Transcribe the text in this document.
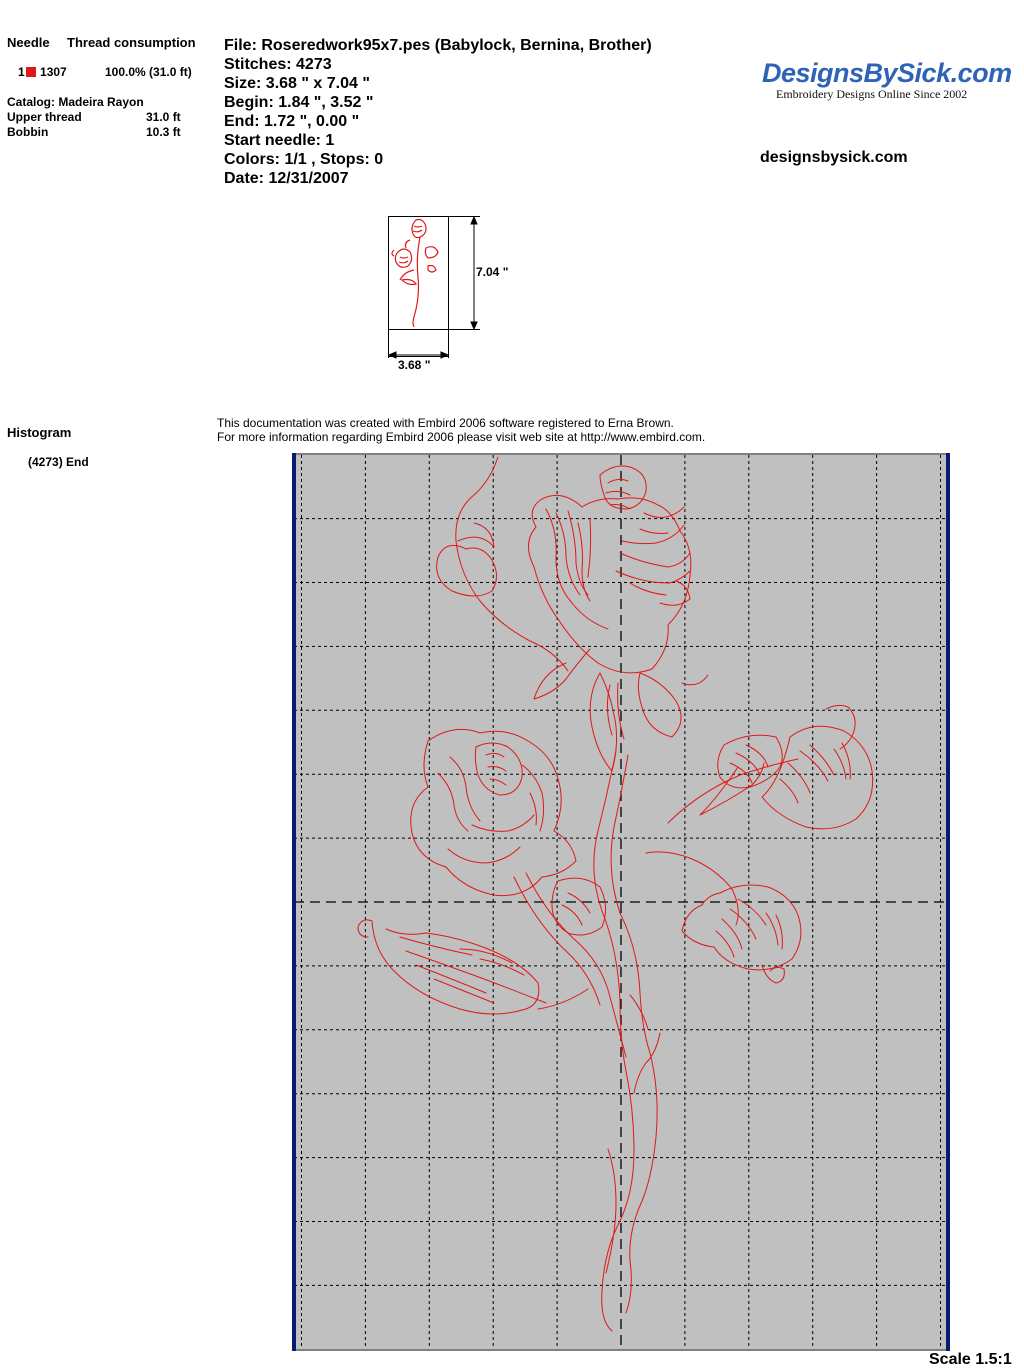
Needle Thread consumption
1 1307	100.0% (31.0 ft)
Catalog: Madeira Rayon
Upper thread	31.0 ft
Bobbin	10.3 ft
File: Roseredwork95x7.pes (Babylock, Bernina, Brother)
Stitches: 4273
Size: 3.68 " x 7.04 "
Begin: 1.84 ", 3.52 "
End: 1.72 ", 0.00 "
Start needle: 1
Colors: 1/1 , Stops: 0
Date: 12/31/2007
DesignsBySick.com
Embroidery Designs Online Since 2002
designsbysick.com
7.04 "
3.68 "
Histogram
(4273) End
This documentation was created with Embird 2006 software registered to Erna Brown.
For more information regarding Embird 2006 please visit web site at http://www.embird.com.
Scale 1.5:1
